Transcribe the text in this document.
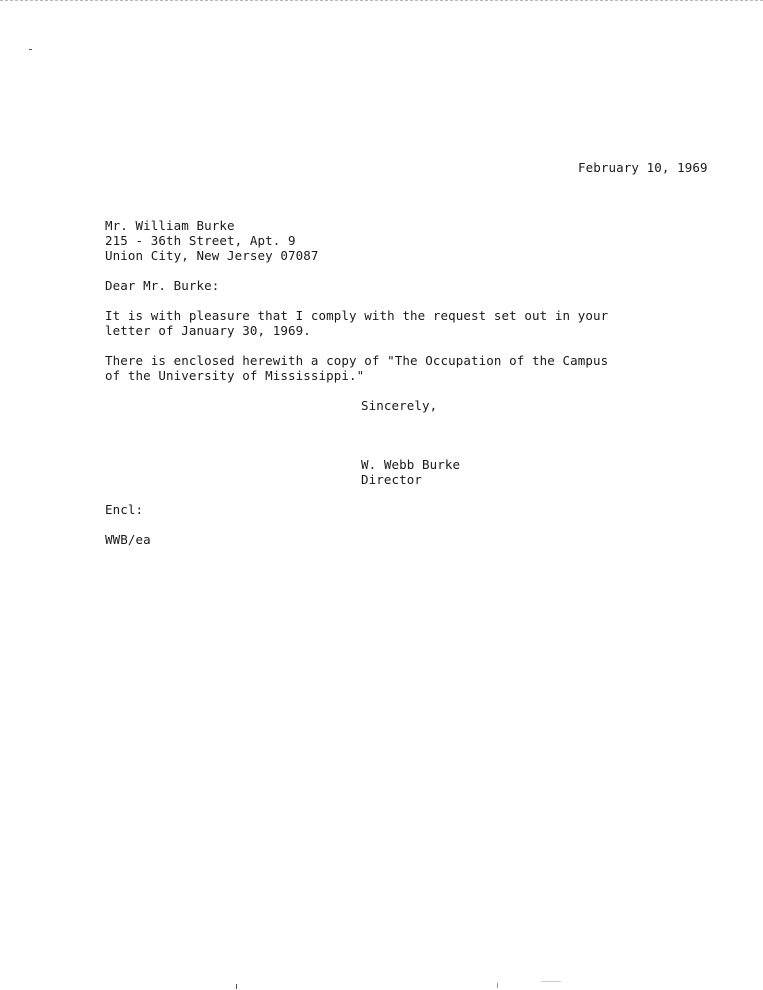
February 10, 1969
Mr. William Burke
215 - 36th Street, Apt. 9
Union City, New Jersey 07087
Dear Mr. Burke:
It is with pleasure that I comply with the request set out in your
letter of January 30, 1969.
There is enclosed herewith a copy of "The Occupation of the Campus
of the University of Mississippi."
Sincerely,
W. Webb Burke
Director
Encl:
WWB/ea
